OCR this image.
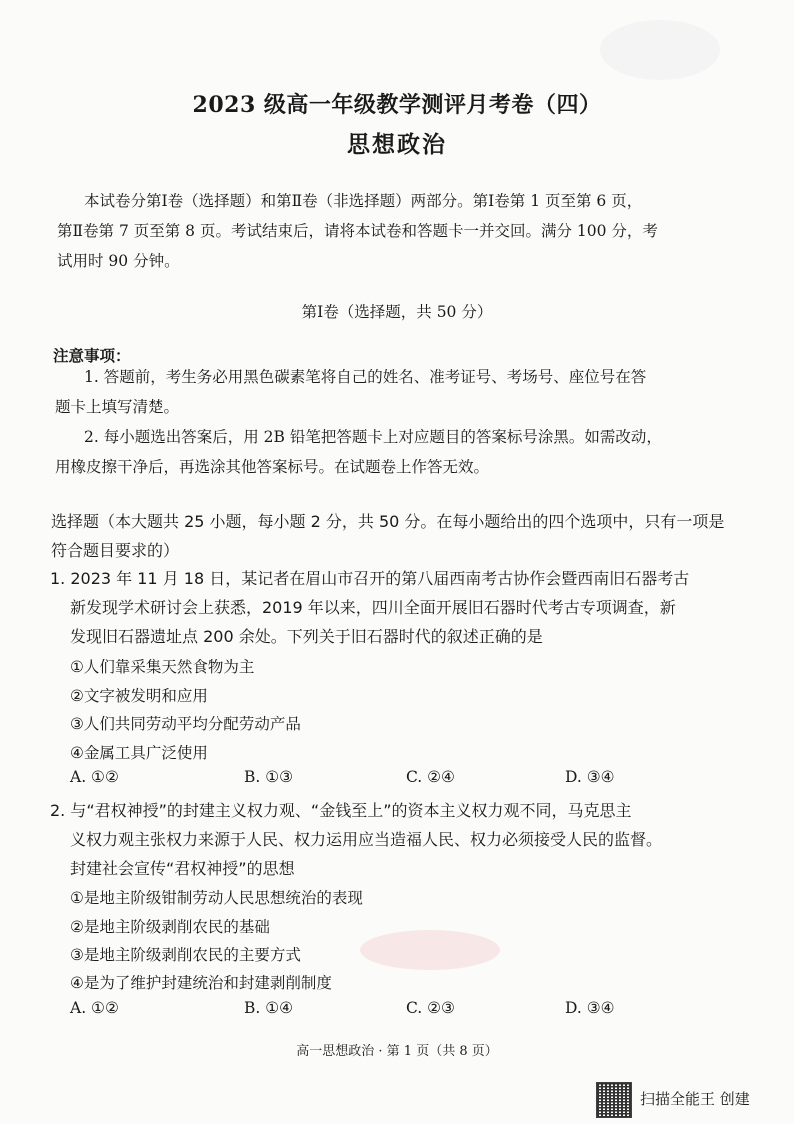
2023 级高一年级教学测评月考卷（四）
思想政治
本试卷分第Ⅰ卷（选择题）和第Ⅱ卷（非选择题）两部分。第Ⅰ卷第 1 页至第 6 页，
第Ⅱ卷第 7 页至第 8 页。考试结束后，请将本试卷和答题卡一并交回。满分 100 分，考
试用时 90 分钟。
第Ⅰ卷（选择题，共 50 分）
注意事项：
1. 答题前，考生务必用黑色碳素笔将自己的姓名、准考证号、考场号、座位号在答
题卡上填写清楚。
2. 每小题选出答案后，用 2B 铅笔把答题卡上对应题目的答案标号涂黑。如需改动，
用橡皮擦干净后，再选涂其他答案标号。在试题卷上作答无效。
选择题（本大题共 25 小题，每小题 2 分，共 50 分。在每小题给出的四个选项中，只有一项是
符合题目要求的）
1. 2023 年 11 月 18 日，某记者在眉山市召开的第八届西南考古协作会暨西南旧石器考古
新发现学术研讨会上获悉，2019 年以来，四川全面开展旧石器时代考古专项调查，新
发现旧石器遗址点 200 余处。下列关于旧石器时代的叙述正确的是
①人们靠采集天然食物为主
②文字被发明和应用
③人们共同劳动平均分配劳动产品
④金属工具广泛使用
A. ①②	B. ①③	C. ②④	D. ③④
2. 与“君权神授”的封建主义权力观、“金钱至上”的资本主义权力观不同，马克思主
义权力观主张权力来源于人民、权力运用应当造福人民、权力必须接受人民的监督。
封建社会宣传“君权神授”的思想
①是地主阶级钳制劳动人民思想统治的表现
②是地主阶级剥削农民的基础
③是地主阶级剥削农民的主要方式
④是为了维护封建统治和封建剥削制度
A. ①②	B. ①④	C. ②③	D. ③④
高一思想政治 · 第 1 页（共 8 页）
扫描全能王 创建
